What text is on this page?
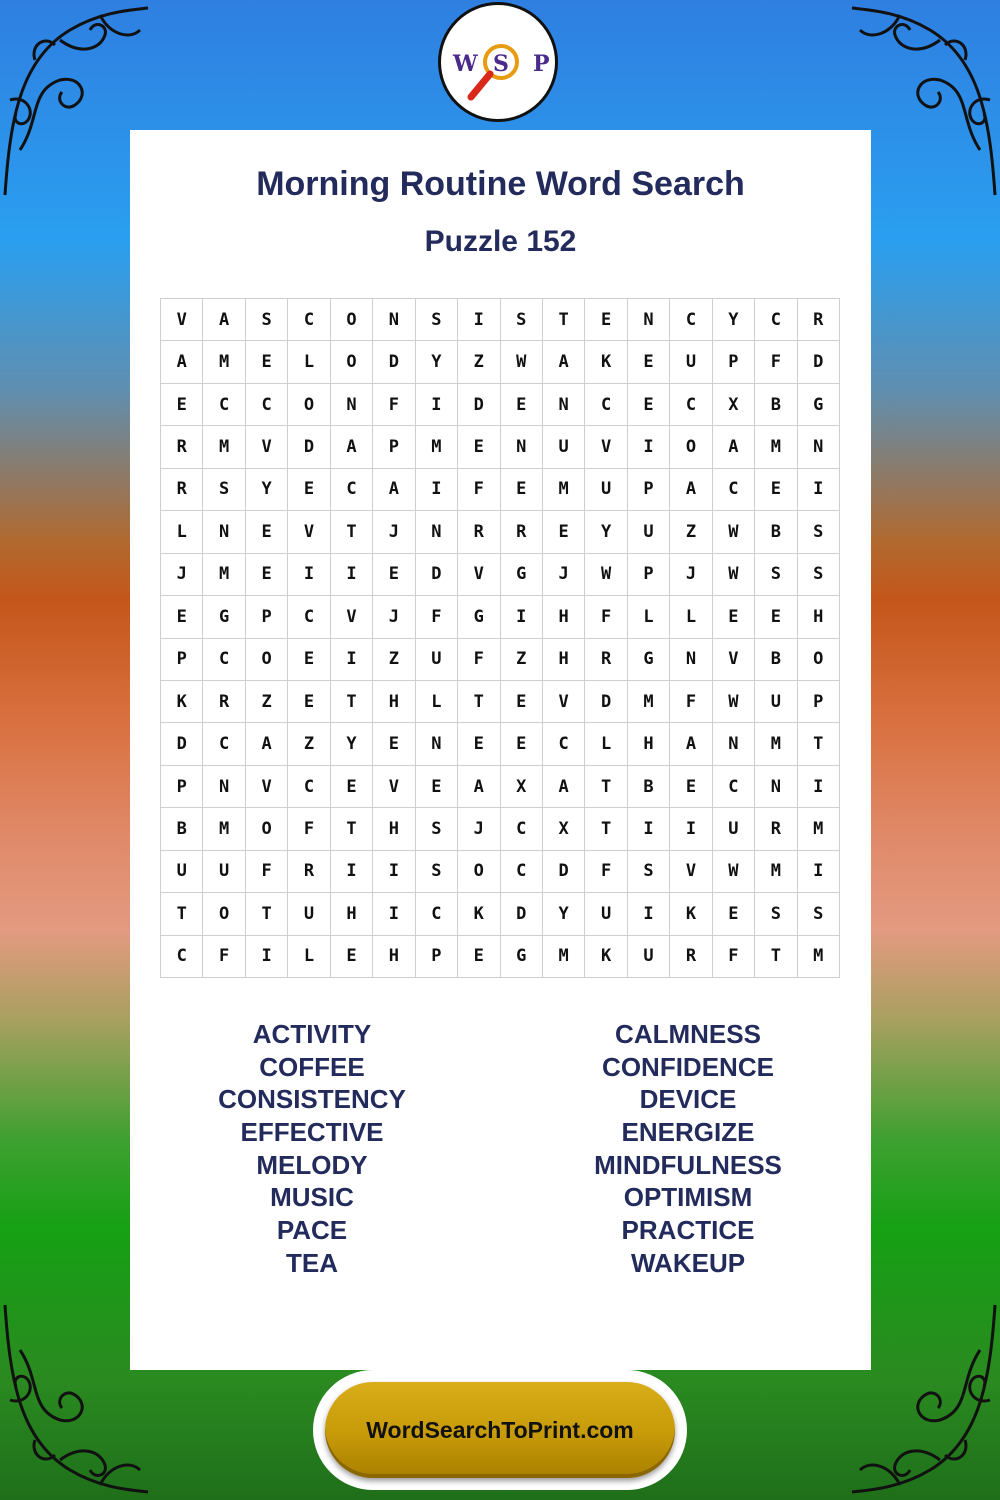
W S P
Morning Routine Word Search
Puzzle 152
V	A	S	C	O	N	S	I	S	T	E	N	C	Y	C	R
A	M	E	L	O	D	Y	Z	W	A	K	E	U	P	F	D
E	C	C	O	N	F	I	D	E	N	C	E	C	X	B	G
R	M	V	D	A	P	M	E	N	U	V	I	O	A	M	N
R	S	Y	E	C	A	I	F	E	M	U	P	A	C	E	I
L	N	E	V	T	J	N	R	R	E	Y	U	Z	W	B	S
J	M	E	I	I	E	D	V	G	J	W	P	J	W	S	S
E	G	P	C	V	J	F	G	I	H	F	L	L	E	E	H
P	C	O	E	I	Z	U	F	Z	H	R	G	N	V	B	O
K	R	Z	E	T	H	L	T	E	V	D	M	F	W	U	P
D	C	A	Z	Y	E	N	E	E	C	L	H	A	N	M	T
P	N	V	C	E	V	E	A	X	A	T	B	E	C	N	I
B	M	O	F	T	H	S	J	C	X	T	I	I	U	R	M
U	U	F	R	I	I	S	O	C	D	F	S	V	W	M	I
T	O	T	U	H	I	C	K	D	Y	U	I	K	E	S	S
C	F	I	L	E	H	P	E	G	M	K	U	R	F	T	M
ACTIVITY
COFFEE
CONSISTENCY
EFFECTIVE
MELODY
MUSIC
PACE
TEA
CALMNESS
CONFIDENCE
DEVICE
ENERGIZE
MINDFULNESS
OPTIMISM
PRACTICE
WAKEUP
WordSearchToPrint.com
